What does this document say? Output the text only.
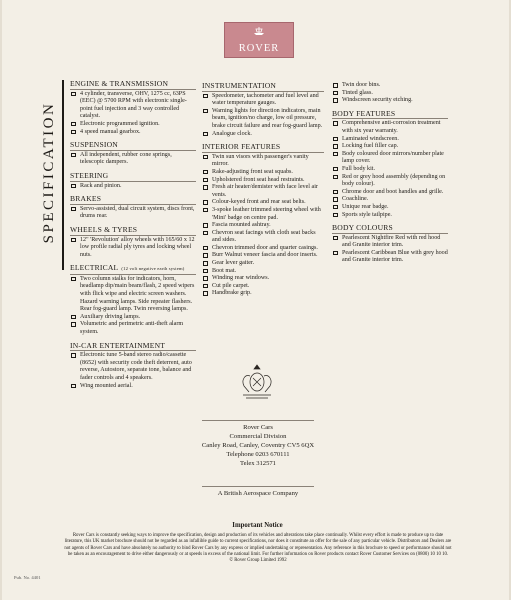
ROVER
SPECIFICATION
ENGINE & TRANSMISSION

4 cylinder, transverse, OHV, 1275 cc, 63PS (EEC) @ 5700 RPM with electronic single-point fuel injection and 3 way controlled catalyst.

Electronic programmed ignition.

4 speed manual gearbox.

SUSPENSION

All independent, rubber cone springs, telescopic dampers.

STEERING

Rack and pinion.

BRAKES

Servo-assisted, dual circuit system, discs front, drums rear.

WHEELS & TYRES

12" 'Revolution' alloy wheels with 165/60 x 12 low profile radial ply tyres and locking wheel nuts.

ELECTRICAL (12 volt negative earth system)

Two column stalks for indicators, horn, headlamp dip/main beam/flash, 2 speed wipers with flick wipe and electric screen washers. Hazard warning lamps. Side repeater flashers. Rear fog-guard lamp. Twin reversing lamps.

Auxiliary driving lamps.

Volumetric and perimetric anti-theft alarm system.

IN-CAR ENTERTAINMENT

Electronic tune 5-band stereo radio/cassette (8652) with security code theft deterrent, auto reverse, Autostore, separate tone, balance and fader controls and 4 speakers.

Wing mounted aerial.

INSTRUMENTATION

Speedometer, tachometer and fuel level and water temperature gauges.

Warning lights for direction indicators, main beam, ignition/no charge, low oil pressure, brake circuit failure and rear fog-guard lamp.

Analogue clock.

INTERIOR FEATURES

Twin sun visors with passenger's vanity mirror.

Rake-adjusting front seat squabs.

Upholstered front seat head restraints.

Fresh air heater/demister with face level air vents.

Colour-keyed front and rear seat belts.

3-spoke leather trimmed steering wheel with 'Mini' badge on centre pad.

Fascia mounted ashtray.

Chevron seat facings with cloth seat backs and sides.

Chevron trimmed door and quarter casings.

Burr Walnut veneer fascia and door inserts.

Gear lever gaiter.

Boot mat.

Winding rear windows.

Cut pile carpet.

Handbrake grip.

Twin door bins.

Tinted glass.

Windscreen security etching.

BODY FEATURES

Comprehensive anti-corrosion treatment with six year warranty.

Laminated windscreen.

Locking fuel filler cap.

Body coloured door mirrors/number plate lamp cover.

Full body kit.

Red or grey hood assembly (depending on body colour).

Chrome door and boot handles and grille.

Coachline.

Unique rear badge.

Sports style tailpipe.

BODY COLOURS

Pearlescent Nightfire Red with red hood and Granite interior trim.

Pearlescent Caribbean Blue with grey hood and Granite interior trim.

Rover Cars
Commercial Division
Canley Road, Canley, Coventry CV5 6QX
Telephone 0203 670111
Telex 312571
A British Aerospace Company
Important Notice
Rover Cars is constantly seeking ways to improve the specification, design and production of its vehicles and alterations take place continually. Whilst every effort is made to produce up to date literature, this UK market brochure should not be regarded as an infallible guide to current specifications, nor does it constitute an offer for the sale of any particular vehicle. Distributors and Dealers are not agents of Rover Cars and have absolutely no authority to bind Rover Cars by any express or implied undertaking or representation. Any reference in this brochure to speed or performance should not be taken as an encouragement to drive either dangerously or at speeds in excess of the national limit. For further information on Rover products contact Rover Customer Services on (0800) 10 10 10.
© Rover Group Limited 1992
Pub. No. 4401
